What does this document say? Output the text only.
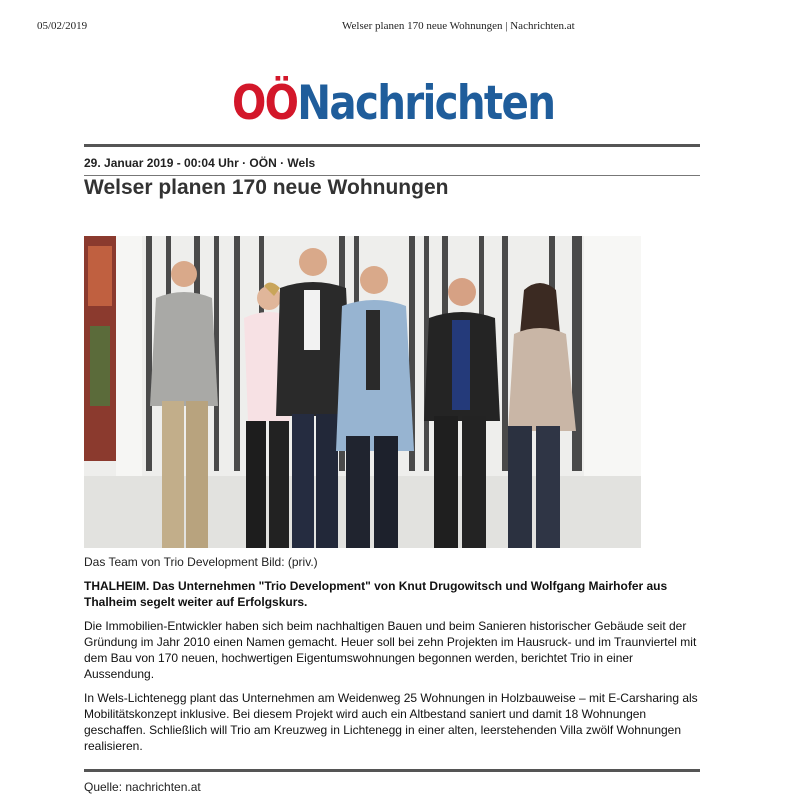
05/02/2019	Welser planen 170 neue Wohnungen | Nachrichten.at
OÖNachrichten
29. Januar 2019 - 00:04 Uhr · OÖN · Wels
Welser planen 170 neue Wohnungen
Das Team von Trio Development Bild: (priv.)

THALHEIM. Das Unternehmen "Trio Development" von Knut Drugowitsch und Wolfgang Mairhofer aus Thalheim segelt weiter auf Erfolgskurs.

Die Immobilien-Entwickler haben sich beim nachhaltigen Bauen und beim Sanieren historischer Gebäude seit der Gründung im Jahr 2010 einen Namen gemacht. Heuer soll bei zehn Projekten im Hausruck- und im Traunviertel mit dem Bau von 170 neuen, hochwertigen Eigentumswohnungen begonnen werden, berichtet Trio in einer Aussendung.

In Wels-Lichtenegg plant das Unternehmen am Weidenweg 25 Wohnungen in Holzbauweise – mit E-Carsharing als Mobilitätskonzept inklusive. Bei diesem Projekt wird auch ein Altbestand saniert und damit 18 Wohnungen geschaffen. Schließlich will Trio am Kreuzweg in Lichtenegg in einer alten, leerstehenden Villa zwölf Wohnungen realisieren.

Quelle: nachrichten.at
